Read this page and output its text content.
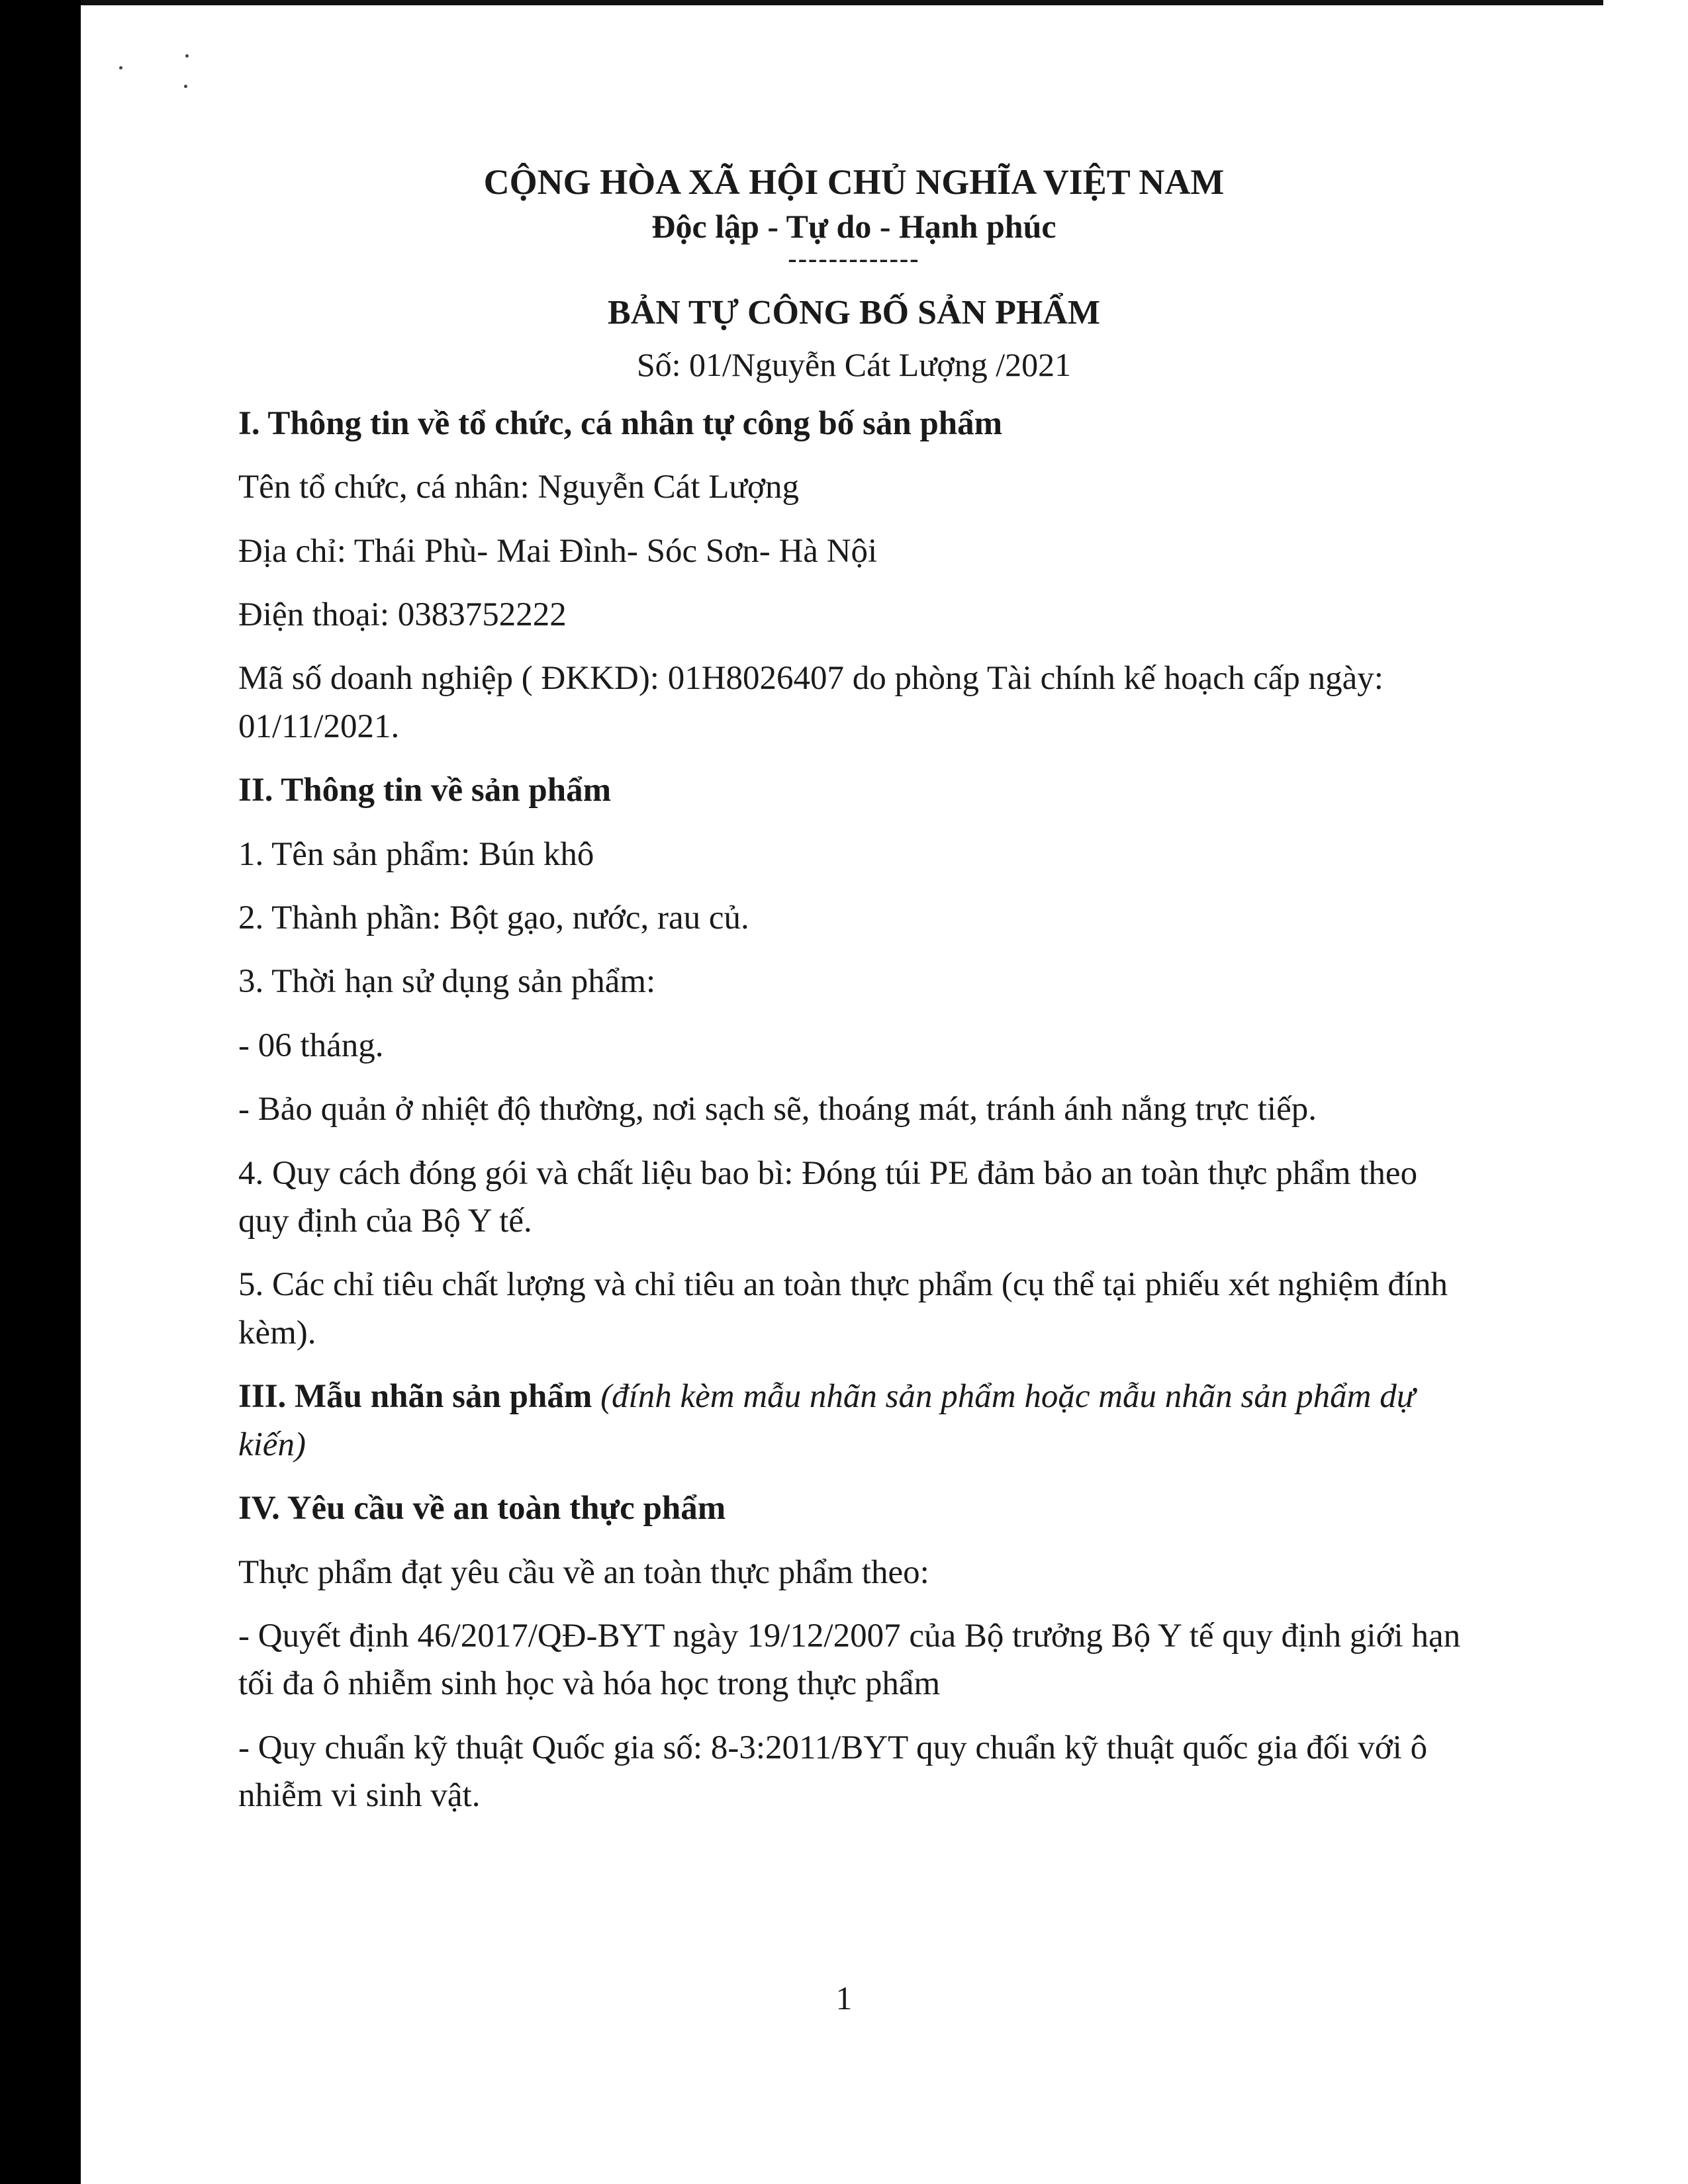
CỘNG HÒA XÃ HỘI CHỦ NGHĨA VIỆT NAM
Độc lập - Tự do - Hạnh phúc
-------------
BẢN TỰ CÔNG BỐ SẢN PHẨM
Số: 01/Nguyễn Cát Lượng /2021
I. Thông tin về tổ chức, cá nhân tự công bố sản phẩm
Tên tổ chức, cá nhân: Nguyễn Cát Lượng
Địa chỉ: Thái Phù- Mai Đình- Sóc Sơn- Hà Nội
Điện thoại: 0383752222
Mã số doanh nghiệp ( ĐKKD): 01H8026407 do phòng Tài chính kế hoạch cấp ngày: 01/11/2021.
II. Thông tin về sản phẩm
1. Tên sản phẩm: Bún khô
2. Thành phần: Bột gạo, nước, rau củ.
3. Thời hạn sử dụng sản phẩm:
- 06 tháng.
- Bảo quản ở nhiệt độ thường, nơi sạch sẽ, thoáng mát, tránh ánh nắng trực tiếp.
4. Quy cách đóng gói và chất liệu bao bì: Đóng túi PE đảm bảo an toàn thực phẩm theo quy định của Bộ Y tế.
5. Các chỉ tiêu chất lượng và chỉ tiêu an toàn thực phẩm (cụ thể tại phiếu xét nghiệm đính kèm).
III. Mẫu nhãn sản phẩm (đính kèm mẫu nhãn sản phẩm hoặc mẫu nhãn sản phẩm dự kiến)
IV. Yêu cầu về an toàn thực phẩm
Thực phẩm đạt yêu cầu về an toàn thực phẩm theo:
- Quyết định 46/2017/QĐ-BYT ngày 19/12/2007 của Bộ trưởng Bộ Y tế quy định giới hạn tối đa ô nhiễm sinh học và hóa học trong thực phẩm
- Quy chuẩn kỹ thuật Quốc gia số: 8-3:2011/BYT quy chuẩn kỹ thuật quốc gia đối với ô nhiễm vi sinh vật.
1
